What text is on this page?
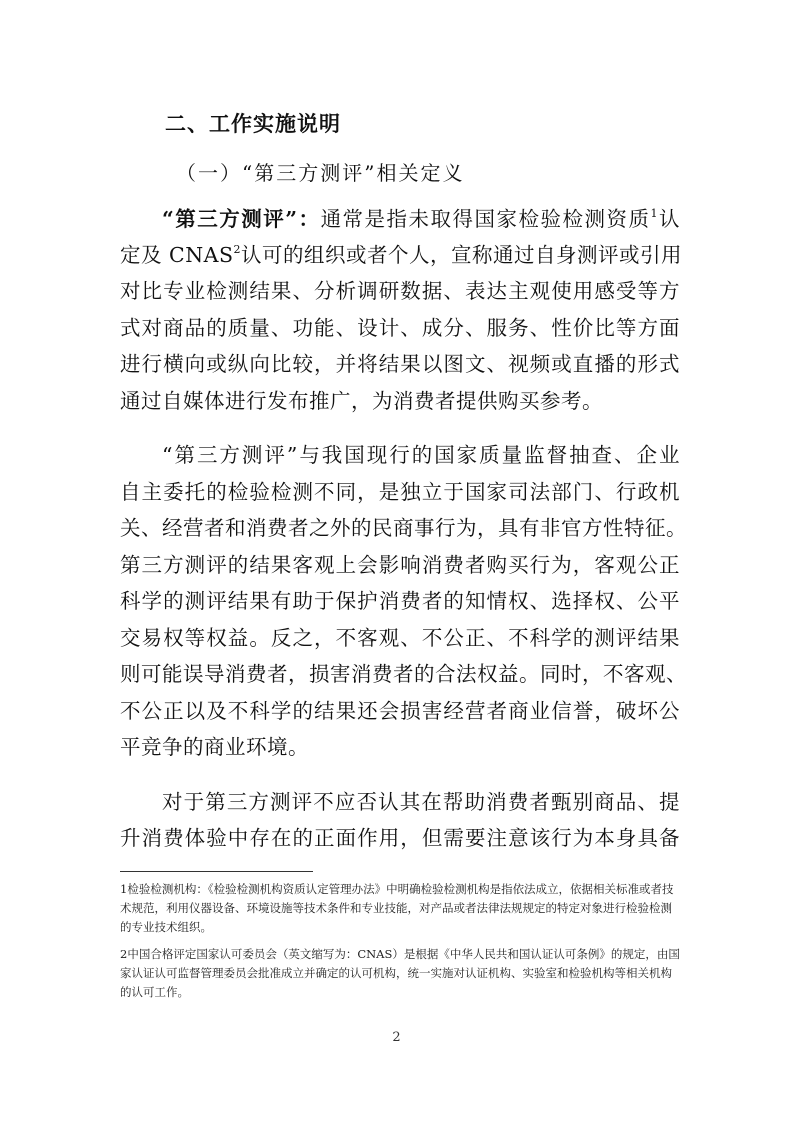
二、工作实施说明
（一）“第三方测评”相关定义
“第三方测评”：通常是指未取得国家检验检测资质$^1$认
定及 CNAS$^2$认可的组织或者个人，宣称通过自身测评或引用
对比专业检测结果、分析调研数据、表达主观使用感受等方
式对商品的质量、功能、设计、成分、服务、性价比等方面
进行横向或纵向比较，并将结果以图文、视频或直播的形式
通过自媒体进行发布推广，为消费者提供购买参考。
“第三方测评”与我国现行的国家质量监督抽查、企业
自主委托的检验检测不同，是独立于国家司法部门、行政机
关、经营者和消费者之外的民商事行为，具有非官方性特征。
第三方测评的结果客观上会影响消费者购买行为，客观公正
科学的测评结果有助于保护消费者的知情权、选择权、公平
交易权等权益。反之，不客观、不公正、不科学的测评结果
则可能误导消费者，损害消费者的合法权益。同时，不客观、
不公正以及不科学的结果还会损害经营者商业信誉，破坏公
平竞争的商业环境。
对于第三方测评不应否认其在帮助消费者甄别商品、提
升消费体验中存在的正面作用，但需要注意该行为本身具备
1检验检测机构：《检验检测机构资质认定管理办法》中明确检验检测机构是指依法成立，依据相关标准或者技术规范，利用仪器设备、环境设施等技术条件和专业技能，对产品或者法律法规规定的特定对象进行检验检测的专业技术组织。
2中国合格评定国家认可委员会（英文缩写为：CNAS）是根据《中华人民共和国认证认可条例》的规定，由国家认证认可监督管理委员会批准成立并确定的认可机构，统一实施对认证机构、实验室和检验机构等相关机构的认可工作。
2
